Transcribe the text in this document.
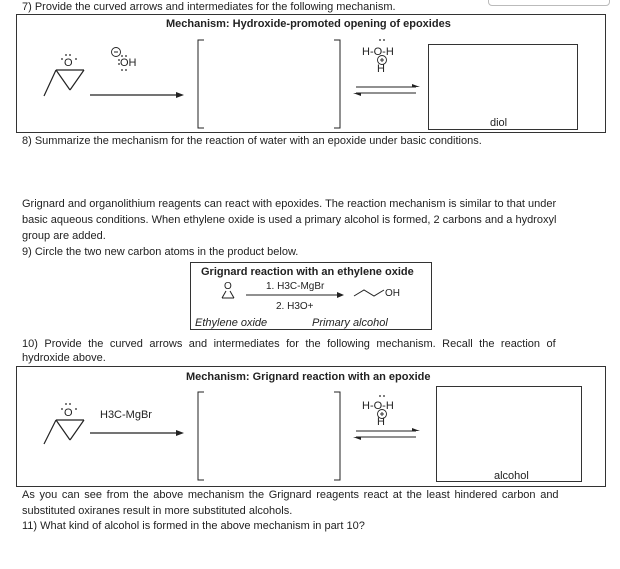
7) Provide the curved arrows and intermediates for the following mechanism.
Mechanism: Hydroxide-promoted opening of epoxides
O	OH
H-O-H
H
diol
8) Summarize the mechanism for the reaction of water with an epoxide under basic conditions.
Grignard and organolithium reagents can react with epoxides. The reaction mechanism is similar to that under
basic aqueous conditions. When ethylene oxide is used a primary alcohol is formed, 2 carbons and a hydroxyl
group are added.
9) Circle the two new carbon atoms in the product below.
Grignard reaction with an ethylene oxide
O	1. H3C-MgBr
2. H3O+
OH
Ethylene oxide	Primary alcohol
10) Provide the curved arrows and intermediates for the following mechanism. Recall the reaction of
hydroxide above.
Mechanism: Grignard reaction with an epoxide
O H3C-MgBr
H-O-H
H
alcohol
As you can see from the above mechanism the Grignard reagents react at the least hindered carbon and
substituted oxiranes result in more substituted alcohols.
11) What kind of alcohol is formed in the above mechanism in part 10?
